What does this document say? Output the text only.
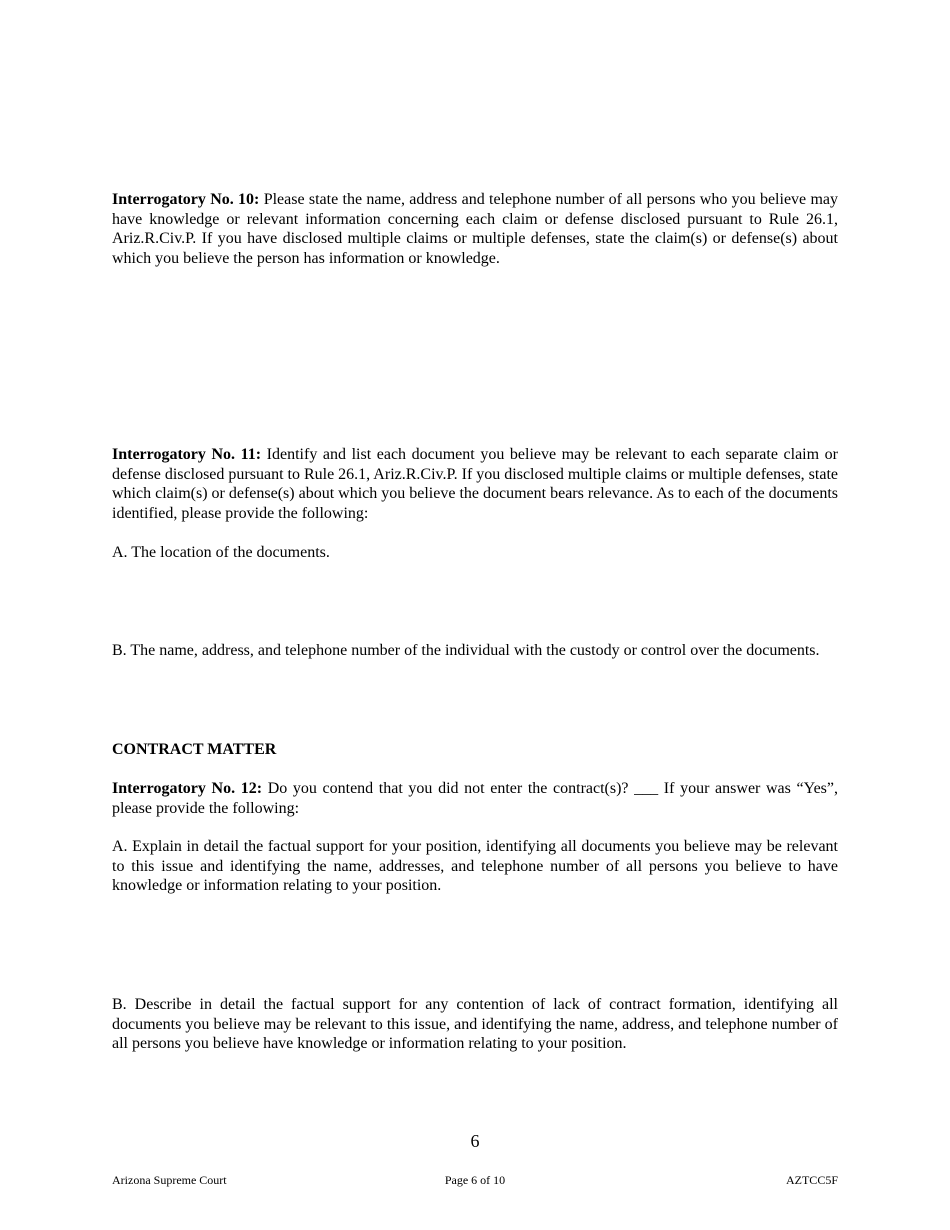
Interrogatory No. 10: Please state the name, address and telephone number of all persons who you believe may have knowledge or relevant information concerning each claim or defense disclosed pursuant to Rule 26.1, Ariz.R.Civ.P. If you have disclosed multiple claims or multiple defenses, state the claim(s) or defense(s) about which you believe the person has information or knowledge.

Interrogatory No. 11: Identify and list each document you believe may be relevant to each separate claim or defense disclosed pursuant to Rule 26.1, Ariz.R.Civ.P. If you disclosed multiple claims or multiple defenses, state which claim(s) or defense(s) about which you believe the document bears relevance. As to each of the documents identified, please provide the following:

A. The location of the documents.

B. The name, address, and telephone number of the individual with the custody or control over the documents.

CONTRACT MATTER

Interrogatory No. 12: Do you contend that you did not enter the contract(s)? ___ If your answer was “Yes”, please provide the following:

A. Explain in detail the factual support for your position, identifying all documents you believe may be relevant to this issue and identifying the name, addresses, and telephone number of all persons you believe to have knowledge or information relating to your position.

B. Describe in detail the factual support for any contention of lack of contract formation, identifying all documents you believe may be relevant to this issue, and identifying the name, address, and telephone number of all persons you believe have knowledge or information relating to your position.

6
Arizona Supreme Court	Page 6 of 10	AZTCC5F
